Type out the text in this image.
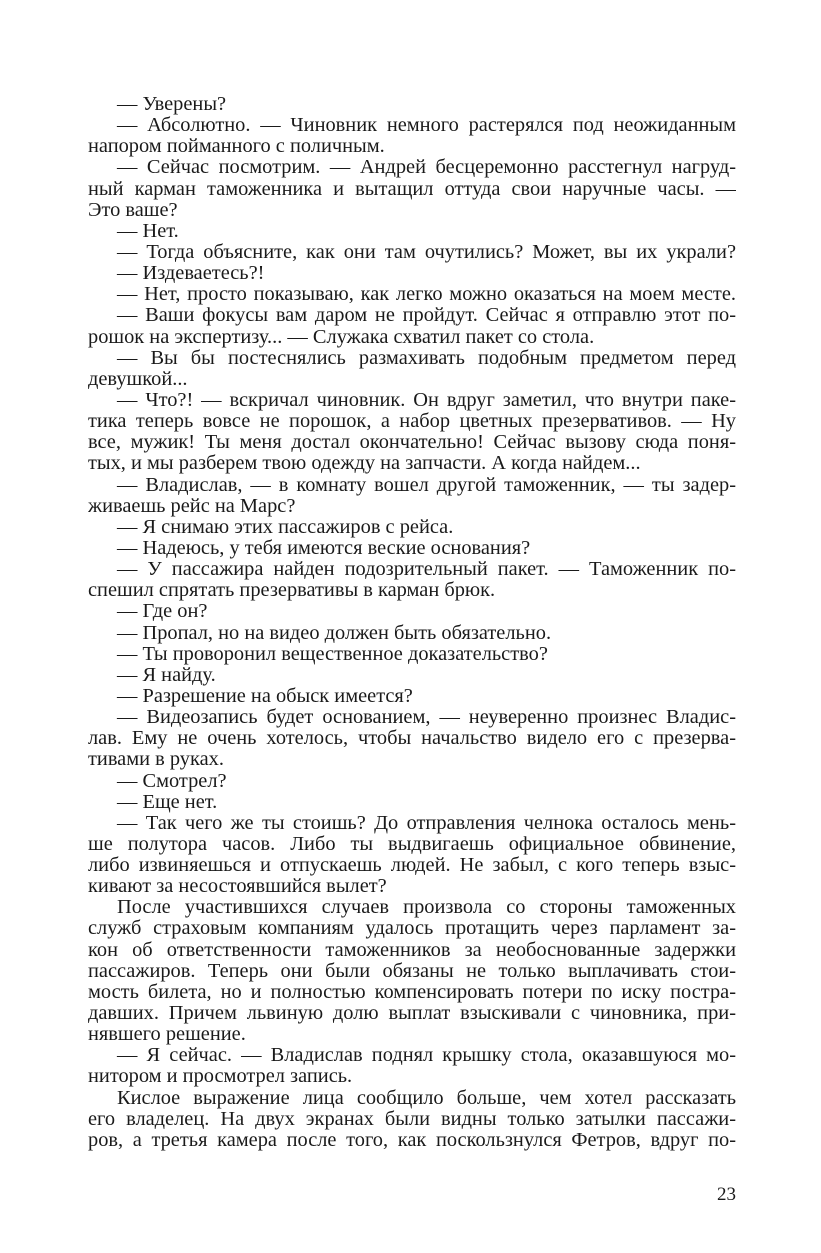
— Уверены?
— Абсолютно. — Чиновник немного растерялся под неожиданным
напором пойманного с поличным.
— Сейчас посмотрим. — Андрей бесцеремонно расстегнул нагруд-
ный карман таможенника и вытащил оттуда свои наручные часы. —
Это ваше?
— Нет.
— Тогда объясните, как они там очутились? Может, вы их украли?
— Издеваетесь?!
— Нет, просто показываю, как легко можно оказаться на моем месте.
— Ваши фокусы вам даром не пройдут. Сейчас я отправлю этот по-
рошок на экспертизу... — Служака схватил пакет со стола.
— Вы бы постеснялись размахивать подобным предметом перед
девушкой...
— Что?! — вскричал чиновник. Он вдруг заметил, что внутри паке-
тика теперь вовсе не порошок, а набор цветных презервативов. — Ну
все, мужик! Ты меня достал окончательно! Сейчас вызову сюда поня-
тых, и мы разберем твою одежду на запчасти. А когда найдем...
— Владислав, — в комнату вошел другой таможенник, — ты задер-
живаешь рейс на Марс?
— Я снимаю этих пассажиров с рейса.
— Надеюсь, у тебя имеются веские основания?
— У пассажира найден подозрительный пакет. — Таможенник по-
спешил спрятать презервативы в карман брюк.
— Где он?
— Пропал, но на видео должен быть обязательно.
— Ты проворонил вещественное доказательство?
— Я найду.
— Разрешение на обыск имеется?
— Видеозапись будет основанием, — неуверенно произнес Владис-
лав. Ему не очень хотелось, чтобы начальство видело его с презерва-
тивами в руках.
— Смотрел?
— Еще нет.
— Так чего же ты стоишь? До отправления челнока осталось мень-
ше полутора часов. Либо ты выдвигаешь официальное обвинение,
либо извиняешься и отпускаешь людей. Не забыл, с кого теперь взыс-
кивают за несостоявшийся вылет?
После участившихся случаев произвола со стороны таможенных
служб страховым компаниям удалось протащить через парламент за-
кон об ответственности таможенников за необоснованные задержки
пассажиров. Теперь они были обязаны не только выплачивать стои-
мость билета, но и полностью компенсировать потери по иску постра-
давших. Причем львиную долю выплат взыскивали с чиновника, при-
нявшего решение.
— Я сейчас. — Владислав поднял крышку стола, оказавшуюся мо-
нитором и просмотрел запись.
Кислое выражение лица сообщило больше, чем хотел рассказать
его владелец. На двух экранах были видны только затылки пассажи-
ров, а третья камера после того, как поскользнулся Фетров, вдруг по-
23
